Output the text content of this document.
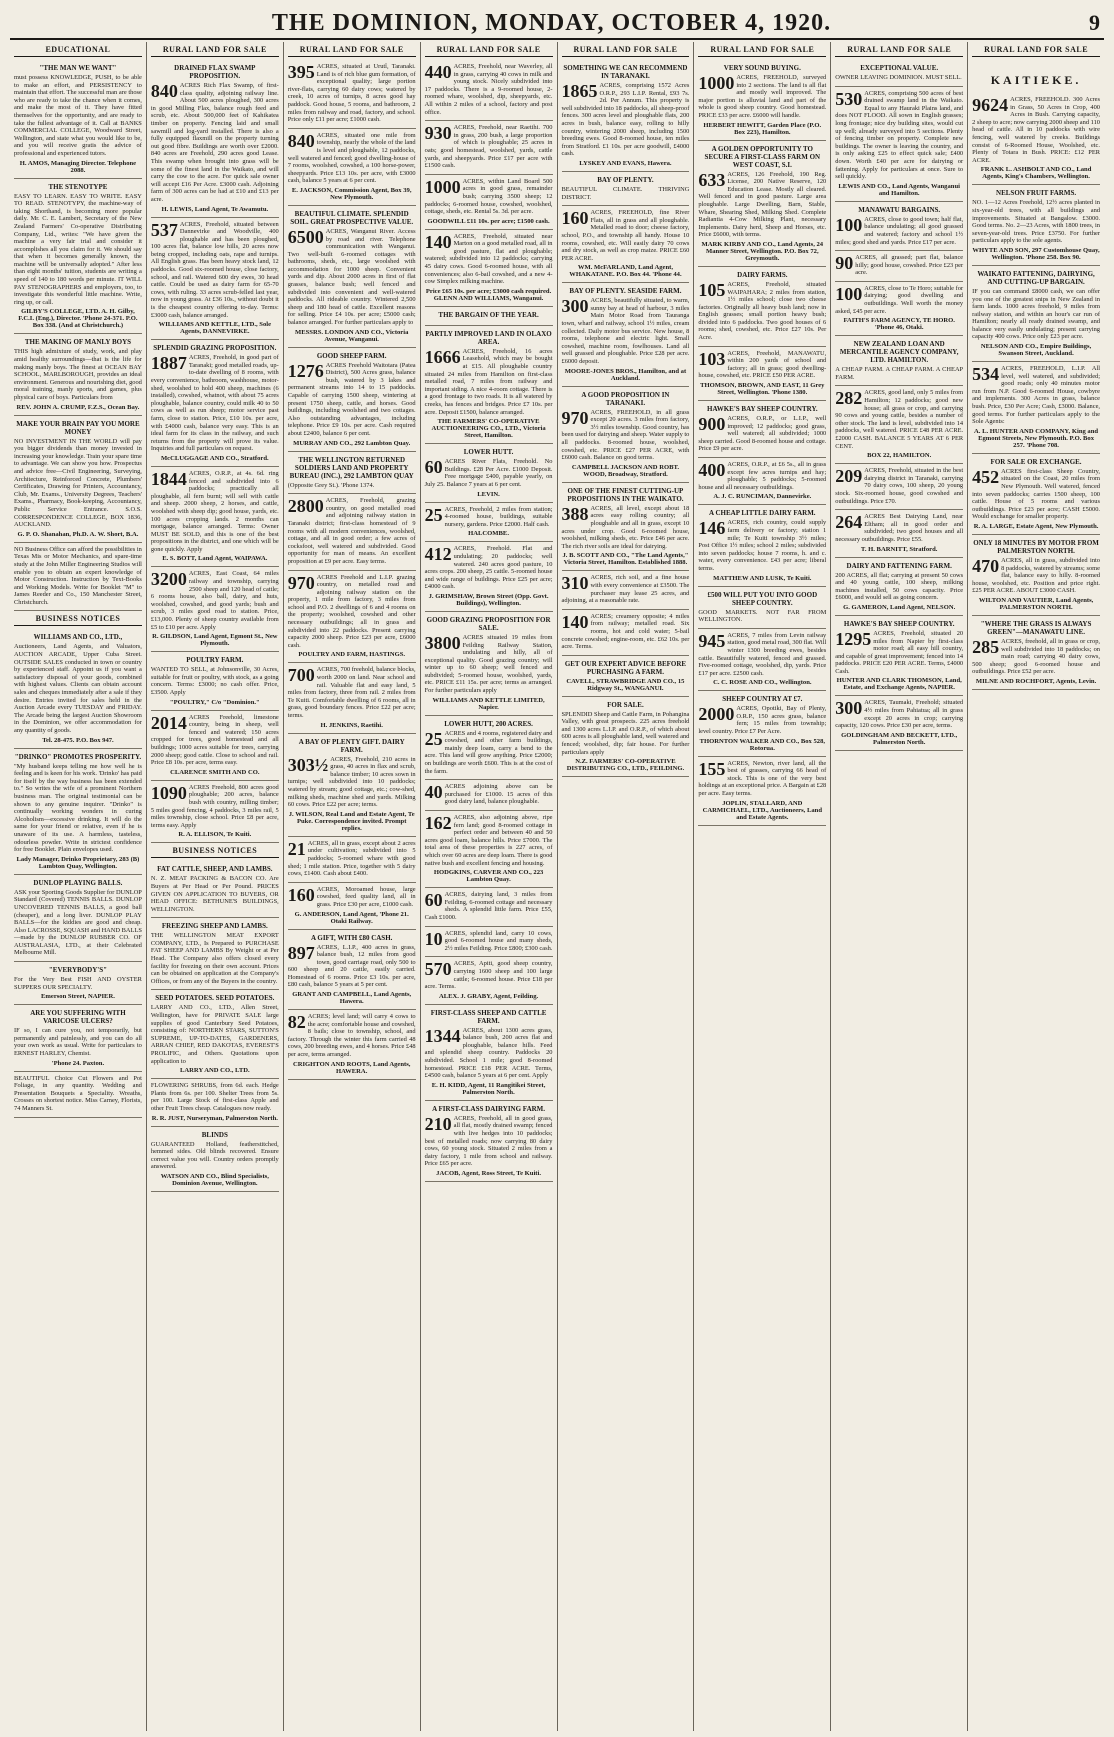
THE DOMINION, MONDAY, OCTOBER 4, 1920.	9
EDUCATIONAL
"THE MAN WE WANT"
must possess KNOWLEDGE, PUSH, to be able to make an effort, and PERSISTENCY to maintain that effort. The successful man are those who are ready to take the chance when it comes, and make the most of it. They have fitted themselves for the opportunity, and are ready to take the fullest advantage of it. Call at BANKS COMMERCIAL COLLEGE, Woodward Street, Wellington, and state what you would like to be, and you will receive gratis the advice of professional and experienced tutors.
H. AMOS, Managing Director. Telephone 2088.
THE STENOTYPE
EASY TO LEARN. EASY TO WRITE. EASY TO READ. STENOTYPY, the machine-way of taking Shorthand, is becoming more popular daily. Mr. C. E. Lambert, Secretary of the New Zealand Farmers' Co-operative Distributing Company, Ltd., writes: "We have given the machine a very fair trial and consider it accomplishes all you claim for it. We should say that when it becomes generally known, the machine will be universally adopted." After less than eight months' tuition, students are writing a speed of 140 to 180 words per minute. IT WILL PAY STENOGRAPHERS and employers, too, to investigate this wonderful little machine. Write, ring up, or call.
GILBY'S COLLEGE, LTD. A. H. Gilby, F.C.I. (Eng.), Director. 'Phone 24-371. P.O. Box 338. (And at Christchurch.)
THE MAKING OF MANLY BOYS
THIS high admixture of study, work, and play amid healthy surroundings—that is the life for making manly boys. The finest at OCEAN BAY SCHOOL, MARLBOROUGH, provides an ideal environment. Generous and nourishing diet, good moral training, manly sports, and games, plus physical care of boys. Particulars from
REV. JOHN A. CRUMP, F.Z.S., Ocean Bay.
MAKE YOUR BRAIN PAY YOU MORE MONEY
NO INVESTMENT IN THE WORLD will pay you bigger dividends than money invested in increasing your knowledge. Train your spare time to advantage. We can show you how. Prospectus and advice free—Civil Engineering, Surveying, Architecture, Reinforced Concrete, Plumbers' Certificates, Drawing for Printers, Accountancy, Club, Mr. Exams., University Degrees, Teachers' Exams., Pharmacy, Book-keeping, Accountancy, Public Service Entrance. S.O.S. CORRESPONDENCE COLLEGE, BOX 1836, AUCKLAND.
G. P. O. Shanahan, Ph.D. A. W. Short, B.A.
NO Business Office can afford the possibilities in Texas Mis or Motor Mechanics, and spare-time study at the John Miller Engineering Studios will enable you to obtain an expert knowledge of Motor Construction. Instruction by Text-Books and Working Models. Write for Booklet "M" to James Reeder and Co., 150 Manchester Street, Christchurch.
BUSINESS NOTICES
WILLIAMS AND CO., LTD.,
Auctioneers, Land Agents, and Valuators, AUCTION ARCADE, Upper Cuba Street. OUTSIDE SALES conducted in town or country by experienced staff. Appoint us if you want a satisfactory disposal of your goods, combined with highest values. Clients can obtain account sales and cheques immediately after a sale if they desire. Entries invited for sales held in the Auction Arcade every TUESDAY and FRIDAY. The Arcade being the largest Auction Showroom in the Dominion, we offer accommodation for any quantity of goods.
Tel. 28-475. P.O. Box 947.
"DRINKO" PROMOTES PROSPERITY.
"My husband keeps telling me how well he is feeling and is keen for his work. 'Drinko' has paid for itself by the way business has been extended to." So writes the wife of a prominent Northern business man. The original testimonial can be shown to any genuine inquirer. "Drinko" is continually working wonders in curing Alcoholism—excessive drinking. It will do the same for your friend or relative, even if he is unaware of its use. A harmless, tasteless, odourless powder. Write in strictest confidence for free Booklet. Plain envelopes used.
Lady Manager, Drinko Proprietary, 283 (B) Lambton Quay, Wellington.
DUNLOP PLAYING BALLS.
ASK your Sporting Goods Supplier for DUNLOP Standard (Covered) TENNIS BALLS. DUNLOP UNCOVERED TENNIS BALLS, a good ball (cheaper), and a long liver. DUNLOP PLAY BALLS—for the kiddies are good and cheap. Also LACROSSE, SQUASH and HAND BALLS—made by the DUNLOP RUBBER CO. OF AUSTRALASIA, LTD., at their Celebrated Melbourne Mill.
"EVERYBODY'S"
For the Very Best FISH AND OYSTER SUPPERS OUR SPECIALTY.
Emerson Street, NAPIER.
ARE YOU SUFFERING WITH VARICOSE ULCERS?
IF so, I can cure you, not temporarily, but permanently and painlessly, and you can do all your own work as usual. Write for particulars to ERNEST HARLEY, Chemist.
'Phone 24. Paxton.
BEAUTIFUL Choice Cut Flowers and Pot Foliage, in any quantity. Wedding and Presentation Bouquets a Speciality. Wreaths, Crosses on shortest notice. Miss Carney, Florists, 74 Manners St.
RURAL LAND FOR SALE
DRAINED FLAX SWAMP PROPOSITION.
840 ACRES Rich Flax Swamp, of first-class quality, adjoining railway line. About 500 acres ploughed, 300 acres in good Milling Flax, balance rough feed and scrub, etc. About 500,000 feet of Kahikatea timber on property. Fencing laid and small sawmill and log-yard installed. There is also a fully equipped flaxmill on the property turning out good fibre. Buildings are worth over £2000. 840 acres are Freehold, 290 acres good Lease. This swamp when brought into grass will be some of the finest land in the Waikato, and will carry the cow to the acre. For quick sale owner will accept £16 Per Acre. £3000 cash. Adjoining farm of 300 acres can be had at £10 and £13 per acre.
H. LEWIS, Land Agent, Te Awamutu.
537 ACRES, Freehold, situated between Dannevirke and Woodville, 400 ploughable and has been ploughed, 100 acres flat, balance low hills, 20 acres now being cropped, including oats, rape and turnips. All English grass. Has been heavy stock land, 12 paddocks. Good six-roomed house, close factory, school, and rail. Watered 600 dry ewes, 30 head cattle. Could be used as dairy farm for 65-70 cows, with ruling. 33 acres scrub-felled last year, now in young grass. At £36 10s., without doubt it is the cheapest country offering to-day. Terms: £3000 cash, balance arranged.
WILLIAMS AND KETTLE, LTD., Sole Agents, DANNEVIRKE.
SPLENDID GRAZING PROPOSITION.
1887 ACRES, Freehold, in good part of Taranaki; good metalled roads, up-to-date dwelling of 8 rooms, with every convenience, bathroom, washhouse, motor-shed, woolshed to hold 400 sheep, machines (6 installed), cowshed, whatnot, with about 75 acres ploughable, balance country, could milk 40 to 50 cows as well as run sheep; motor service past farm, close to station. Price, £10 10s. per acre, with £4000 cash, balance very easy. This is an ideal farm for its class in the railway, and such returns from the property will prove its value. Inquiries and full particulars on request.
McCLUGGAGE AND CO., Stratford.
1844 ACRES, O.R.P., at 4s. 6d. ring fenced and subdivided into 6 paddocks; practically all ploughable, all fern burnt; will sell with cattle and sheep. 2000 sheep, 2 horses, and cattle, woolshed with sheep dip; good house, yards, etc. 100 acres cropping lands. 2 months can mortgage, balance arranged. Terms: Owner MUST BE SOLD, and this is one of the best propositions in the district, and one which will be gone quickly. Apply
E. S. BOTT, Land Agent, WAIPAWA.
3200 ACRES, East Coast, 64 miles railway and township, carrying 2500 sheep and 120 head of cattle; 6 rooms house, also ball, dairy, and huts, woolshed, cowshed, and good yards; bush and scrub, 3 miles good road to station. Price, £13,000. Plenty of sheep country available from £5 to £10 per acre. Apply
R. GILDSON, Land Agent, Egmont St., New Plymouth.
POULTRY FARM.
WANTED TO SELL, at Johnsonville, 30 Acres, suitable for fruit or poultry, with stock, as a going concern. Terms: £3000; no cash offer. Price, £3500. Apply
"POULTRY," C/o "Dominion."
2014 ACRES Freehold, limestone country, being in sheep, well fenced and watered; 150 acres cropped for trees, good homestead and all buildings; 1000 acres suitable for trees, carrying 2000 sheep; good cattle. Close to school and rail. Price £8 10s. per acre, terms easy.
CLARENCE SMITH AND CO.
1090 ACRES Freehold, 800 acres good ploughable; 200 acres, balance bush with country, milling timber; 5 miles good fencing, 4 paddocks, 3 miles rail, 5 miles township, close school. Price £8 per acre, terms easy. Apply
R. A. ELLISON, Te Kuiti.
BUSINESS NOTICES
FAT CATTLE, SHEEP, AND LAMBS.
N. Z. MEAT PACKING & BACON CO. Are Buyers at Per Head or Per Pound. PRICES GIVEN ON APPLICATION TO BUYERS, OR HEAD OFFICE: BETHUNE'S BUILDINGS, WELLINGTON.
FREEZING SHEEP AND LAMBS.
THE WELLINGTON MEAT EXPORT COMPANY, LTD., Is Prepared to PURCHASE FAT SHEEP AND LAMBS By Weight or at Per Head. The Company also offers closed every facility for freezing on their own account. Prices can be obtained on application at the Company's Offices, or from any of the Buyers in the country.
SEED POTATOES. SEED POTATOES.
LARRY AND CO., LTD., Allen Street, Wellington, have for PRIVATE SALE large supplies of good Canterbury Seed Potatoes, consisting of: NORTHERN STARS, SUTTON'S SUPREME, UP-TO-DATES, GARDENERS, ARRAN CHIEF, RED DAKOTAS, EVEREST'S PROLIFIC, and Others. Quotations upon application to
LARRY AND CO., LTD.
FLOWERING SHRUBS, from 6d. each. Hedge Plants from 6s. per 100. Shelter Trees from 5s. per 100. Large Stock of first-class Apple and other Fruit Trees cheap. Catalogues now ready.
R. R. JUST, Nurseryman, Palmerston North.
BLINDS
GUARANTEED Holland, featherstitched, hemmed sides. Old blinds recovered. Ensure correct value you will. Country orders promptly answered.
WATSON AND CO., Blind Specialists, Dominion Avenue, Wellington.
RURAL LAND FOR SALE
395 ACRES, situated at Urutî, Taranaki. Land is of rich blue gum formation, of exceptional quality; large portion river-flats, carrying 60 dairy cows; watered by creek, 10 acres of turnips, 8 acres good hay paddock. Good house, 5 rooms, and bathroom, 2 miles from railway and road, factory, and school. Price only £11 per acre; £1000 cash.
840 ACRES, situated one mile from township, nearly the whole of the land is level and ploughable, 12 paddocks, well watered and fenced; good dwelling-house of 7 rooms, woolshed, cowshed, a 100 horse-power, sheepyards. Price £13 10s. per acre, with £3000 cash, balance 5 years at 6 per cent.
E. JACKSON, Commission Agent, Box 39, New Plymouth.
BEAUTIFUL CLIMATE. SPLENDID SOIL. GREAT PROSPECTIVE VALUE.
6500 ACRES, Wanganui River. Access by road and river. Telephone communication with Wanganui. Two well-built 6-roomed cottages with bathrooms, sheds, etc., large woolshed with accommodation for 1000 sheep. Convenient yards and dip. About 2000 acres in first of flat grasses, balance bush; well fenced and subdivided into convenient and well-watered paddocks. All rideable country. Wintered 2,500 sheep and 180 head of cattle. Excellent reasons for selling. Price £4 10s. per acre; £5000 cash; balance arranged. For further particulars apply to
MESSRS. LONDON AND CO., Victoria Avenue, Wanganui.
GOOD SHEEP FARM.
1276 ACRES Freehold Waitotara (Patea District), 500 Acres grass, balance bush, watered by 3 lakes and permanent streams into 14 to 15 paddocks. Capable of carrying 1500 sheep, wintering at present 1750 sheep, cattle, and horses. Good buildings, including woolshed and two cottages. Also outstanding advantages, including telephone. Price £9 10s. per acre. Cash required about £2400, balance 6 per cent.
MURRAY AND CO., 292 Lambton Quay.
THE WELLINGTON RETURNED SOLDIERS LAND AND PROPERTY BUREAU (INC.), 292 LAMBTON QUAY
(Opposite Grey St.). 'Phone 1374.
2800 ACRES, Freehold, grazing country, on good metalled road and adjoining railway station in Taranaki district; first-class homestead of 9 rooms with all modern conveniences, woolshed, cottage, and all in good order; a few acres of cocksfoot, well watered and subdivided. Good opportunity for man of means. An excellent proposition at £9 per acre. Easy terms.
970 ACRES Freehold and L.I.P. grazing country, on metalled road and adjoining railway station on the property, 1 mile from factory, 3 miles from school and P.O. 2 dwellings of 6 and 4 rooms on the property; woolshed, cowshed and other necessary outbuildings; all in grass and subdivided into 22 paddocks. Present carrying capacity 2000 sheep. Price £23 per acre, £6000 cash.
POULTRY AND FARM, HASTINGS.
700 ACRES, 700 freehold, balance blocks, worth 2000 on land. Near school and rail. Valuable flat and easy land, 5 miles from factory, three from rail. 2 miles from Te Kuiti. Comfortable dwelling of 6 rooms, all in grass, good boundary fences. Price £22 per acre; terms.
H. JENKINS, Raetihi.
A BAY OF PLENTY GIFT. DAIRY FARM.
303½ ACRES, Freehold, 210 acres in grass, 40 acres in flax and scrub, balance timber; 10 acres sown in turnips; well subdivided into 10 paddocks; watered by stream; good cottage, etc.; cow-shed, milking sheds, machine shed and yards. Milking 60 cows. Price £22 per acre; terms.
J. WILSON, Real Land and Estate Agent, Te Puke. Correspondence invited. Prompt replies.
21 ACRES, all in grass, except about 2 acres under cultivation; subdivided into 5 paddocks; 5-roomed whare with good shed; 1 mile station. Price, together with 5 dairy cows, £1400. Cash about £400.
160 ACRES, Moroamed house, large cowshed, feed quality land, all in grass. Price £30 per acre, £1000 cash.
G. ANDERSON, Land Agent, 'Phone 21. Otaki Railway.
A GIFT, WITH £80 CASH.
897 ACRES, L.I.P., 400 acres in grass, balance bush, 12 miles from good town, good carriage road, only 500 to 600 sheep and 20 cattle, easily carried. Homestead of 6 rooms. Price £3 10s. per acre, £80 cash, balance 5 years at 5 per cent.
GRANT AND CAMPBELL, Land Agents, Hawera.
82 ACRES; level land; will carry 4 cows to the acre; comfortable house and cowshed, 8 bails; close to township, school, and factory. Through the winter this farm carried 48 cows, 200 breeding ewes, and 4 horses. Price £48 per acre, terms arranged.
CRIGHTON AND ROOTS, Land Agents, HAWERA.
RURAL LAND FOR SALE
440 ACRES, Freehold, near Waverley, all in grass, carrying 40 cows in milk and young stock. Nicely subdivided into 17 paddocks. There is a 9-roomed house, 2-roomed whare, woolshed, dip, sheepyards, etc. All within 2 miles of a school, factory and post office.
930 ACRES, Freehold, near Raetihi. 700 in grass, 200 bush, a large proportion of which is ploughable; 25 acres in oats; good homestead, woolshed, yards, cattle yards, and sheepyards. Price £17 per acre with £1500 cash.
1000 ACRES, within Land Board 500 acres in good grass, remainder bush; carrying 3500 sheep; 12 paddocks; 6-roomed house, cowshed, woolshed, cottage, sheds, etc. Rental 5s. 3d. per acre.
GOODWILL £11 10s. per acre; £1500 cash.
140 ACRES, Freehold, situated near Marton on a good metalled road, all in good pasture, flat and ploughable; watered; subdivided into 12 paddocks; carrying 45 dairy cows. Good 6-roomed house, with all conveniences; also 6-bail cowshed, and a new 4-cow Simplex milking machine.
Price £65 10s. per acre; £3000 cash required. GLENN AND WILLIAMS, Wanganui.
THE BARGAIN OF THE YEAR.
PARTLY IMPROVED LAND IN OLAXO AREA.
1666 ACRES, Freehold, 16 acres Leasehold, which may be bought at £15. All ploughable country situated 24 miles from Hamilton on first-class metalled road, 7 miles from railway and important siding. A nice 4-room cottage. There is a good frontage to two roads. It is all watered by creeks, has fences and bridges. Price £7 10s. per acre. Deposit £1500, balance arranged.
THE FARMERS' CO-OPERATIVE AUCTIONEERING CO., LTD., Victoria Street, Hamilton.
LOWER HUTT.
60 ACRES River Flats, Freehold. No Buildings. £28 Per Acre. £1000 Deposit. Free mortgage £400, payable yearly, on July 25. Balance 7 years at 6 per cent.
LEVIN.
25 ACRES, Freehold, 2 miles from station; 4-roomed house, buildings, suitable nursery, gardens. Price £2000. Half cash.
HALCOMBE.
412 ACRES, Freehold. Flat and undulating; 20 paddocks; well watered. 240 acres good pasture, 10 acres crops. 200 sheep, 25 cattle. 5-roomed house and wide range of buildings. Price £25 per acre; £4000 cash.
J. GRIMSHAW, Brown Street (Opp. Govt. Buildings), Wellington.
GOOD GRAZING PROPOSITION FOR SALE.
3800 ACRES situated 19 miles from Feilding Railway Station, undulating and hilly, all of exceptional quality. Good grazing country; will winter up to 60 sheep; well fenced and subdivided; 5-roomed house, woolshed, yards, etc. PRICE £11 15s. per acre; terms as arranged. For further particulars apply
WILLIAMS AND KETTLE LIMITED, Napier.
LOWER HUTT, 200 ACRES.
25 ACRES and 4 rooms, registered dairy and cowshed, and other farm buildings, mainly deep loam, carry a bend to the acre. This land will grow anything. Price £2000; on buildings are worth £600. This is at the cost of the farm.
40 ACRES adjoining above can be purchased for £1000. 15 acres of this good dairy land, balance ploughable.
162 ACRES, also adjoining above, ripe fern land; good 8-roomed cottage in perfect order and between 40 and 50 acres good loam, balance hills. Price £7000. The total area of these properties is 227 acres, of which over 60 acres are deep loam. There is good native bush and excellent fencing and housing.
HODGKINS, CARVER AND CO., 223 Lambton Quay.
60 ACRES, dairying land, 3 miles from Feilding, 6-roomed cottage and necessary sheds. A splendid little farm. Price £55, Cash £1000.
10 ACRES, splendid land, carry 10 cows, good 6-roomed house and many sheds, 2½ miles Feilding. Price £800; £300 cash.
570 ACRES, Apiti, good sheep country, carrying 1600 sheep and 100 large cattle; 6-roomed house. Price £18 per acre. Terms.
ALEX. J. GRABY, Agent, Feilding.
FIRST-CLASS SHEEP AND CATTLE FARM.
1344 ACRES, about 1300 acres grass, balance bush, 200 acres flat and ploughable, balance hills. Feed and splendid sheep country. Paddocks 20 subdivided. School 1 mile; good 8-roomed homestead. PRICE £18 PER ACRE. Terms, £4500 cash, balance 5 years at 6 per cent. Apply
E. H. KIDD, Agent, 11 Rangitikei Street, Palmerston North.
A FIRST-CLASS DAIRYING FARM.
210 ACRES, Freehold, all in good grass, all flat, mostly drained swamp; fenced with live hedges into 10 paddocks; best of metalled roads; now carrying 80 dairy cows, 60 young stock. Situated 2 miles from a dairy factory, 1 mile from school and railway. Price £65 per acre.
JACOB, Agent, Ross Street, Te Kuiti.
RURAL LAND FOR SALE
SOMETHING WE CAN RECOMMEND IN TARANAKI.
1865 ACRES, comprising 1572 Acres O.R.P., 293 L.I.P. Rental, £93 7s. 2d. Per Annum. This property is well subdivided into 18 paddocks, all sheep-proof fences. 300 acres level and ploughable flats, 200 acres in bush, balance easy, rolling to hilly country, wintering 2000 sheep, including 1500 breeding ewes. Good 8-roomed house, ten miles from Stratford. £1 10s. per acre goodwill, £4000 cash.
LYSKEY AND EVANS, Hawera.
BAY OF PLENTY.
BEAUTIFUL CLIMATE. THRIVING DISTRICT.
160 ACRES, FREEHOLD, fine River Flats, all in grass and all ploughable. Metalled road to door; cheese factory, school, P.O., and township all handy. House 10 rooms, cowshed, etc. Will easily dairy 70 cows and dry stock, as well as crop maize. PRICE £60 PER ACRE.
WM. McFARLAND, Land Agent, WHAKATANE. P.O. Box 44. 'Phone 44.
BAY OF PLENTY. SEASIDE FARM.
300 ACRES, beautifully situated, to warm, sunny bay at head of harbour, 3 miles Main Motor Road from Tauranga town, wharf and railway, school 1½ miles, cream collected. Daily motor bus service. New house, 8 rooms, telephone and electric light. Small cowshed, machine room, fowlhouses. Land all well grassed and ploughable. Price £28 per acre. £6000 deposit.
MOORE-JONES BROS., Hamilton, and at Auckland.
A GOOD PROPOSITION IN TARANAKI.
970 ACRES, FREEHOLD, in all grass except 20 acres. 3 miles from factory, 3½ miles township. Good country, has been used for dairying and sheep. Water supply to all paddocks. 8-roomed house, woolshed, cowshed, etc. PRICE £27 PER ACRE, with £6000 cash. Balance on good terms.
CAMPBELL JACKSON AND ROBT. WOOD, Broadway, Stratford.
ONE OF THE FINEST CUTTING-UP PROPOSITIONS IN THE WAIKATO.
388 ACRES, all level, except about 18 acres easy rolling country; all ploughable and all in grass, except 10 acres under crop. Good 6-roomed house, woolshed, milking sheds, etc. Price £46 per acre. The rich river soils are ideal for dairying.
J. B. SCOTT AND CO., "The Land Agents," Victoria Street, Hamilton. Established 1888.
310 ACRES, rich soil, and a fine house with every convenience at £3500. The purchaser may lease 25 acres, and adjoining, at a reasonable rate.
140 ACRES; creamery opposite; 4 miles from railway; metalled road. Six rooms, hot and cold water; 5-bail concrete cowshed; engine-room, etc. £62 10s. per acre. Terms.
GET OUR EXPERT ADVICE BEFORE PURCHASING A FARM.
CAVELL, STRAWBRIDGE AND CO., 15 Ridgway St., WANGANUI.
FOR SALE.
SPLENDID Sheep and Cattle Farm, in Pohangina Valley, with great prospects. 225 acres freehold and 1300 acres L.I.P. and O.R.P., of which about 600 acres is all ploughable land, well watered and fenced; woolshed, dip; fair house. For further particulars apply
N.Z. FARMERS' CO-OPERATIVE DISTRIBUTING CO., LTD., FEILDING.
RURAL LAND FOR SALE
VERY SOUND BUYING.
1000 ACRES, FREEHOLD, surveyed into 2 sections. The land is all flat and mostly well improved. The major portion is alluvial land and part of the whole is good sheep country. Good homestead. PRICE £33 per acre. £6000 will handle.
HERBERT HEWITT, Garden Place (P.O. Box 223), Hamilton.
A GOLDEN OPPORTUNITY TO SECURE A FIRST-CLASS FARM ON WEST COAST, S.I.
633 ACRES, 126 Freehold, 190 Reg. License, 200 Native Reserve, 120 Education Lease. Mostly all cleared. Well fenced and in good pasture. Large area ploughable. Large Dwelling, Barn, Stable, Whare, Shearing Shed, Milking Shed. Complete Radiantia 4-Cow Milking Plant, necessary Implements. Dairy herd, Sheep and Horses, etc. Price £6000, with terms.
MARK KIRBY AND CO., Land Agents, 24 Manner Street, Wellington. P.O. Box 72, Greymouth.
DAIRY FARMS.
105 ACRES, Freehold, situated WAIPAHARA; 2 miles from station, 1½ miles school; close two cheese factories. Originally all heavy bush land; now in English grasses; small portion heavy bush; divided into 6 paddocks. Two good houses of 6 rooms; shed, cowshed, etc. Price £27 10s. Per Acre.
103 ACRES, Freehold, MANAWATU, within 200 yards of school and factory; all in grass; good dwelling-house, cowshed, etc. PRICE £50 PER ACRE.
THOMSON, BROWN, AND EAST, 11 Grey Street, Wellington. 'Phone 1380.
HAWKE'S BAY SHEEP COUNTRY.
900 ACRES, O.R.P., or L.I.P., well improved; 12 paddocks; good grass, well watered; all subdivided; 1000 sheep carried. Good 8-roomed house and cottage. Price £9 per acre.
400 ACRES, O.R.P., at £6 5s., all in grass except few acres turnips and hay; ploughable; 5 paddocks; 5-roomed house and all necessary outbuildings.
A. J. C. RUNCIMAN, Dannevirke.
A CHEAP LITTLE DAIRY FARM.
146 ACRES, rich country, could supply farm delivery or factory; station 1 mile; Te Kuiti township 3½ miles; Post Office 1½ miles; school 2 miles; subdivided into seven paddocks; house 7 rooms, h. and c. water, every convenience. £43 per acre; liberal terms.
MATTHEW AND LUSK, Te Kuiti.
£500 WILL PUT YOU INTO GOOD SHEEP COUNTRY.
GOOD MARKETS. NOT FAR FROM WELLINGTON.
945 ACRES, 7 miles from Levin railway station, good metal road, 300 flat. Will winter 1300 breeding ewes, besides cattle. Beautifully watered, fenced and grassed. Five-roomed cottage, woolshed, dip, yards. Price £17 per acre. £2500 cash.
C. C. ROSE AND CO., Wellington.
SHEEP COUNTRY AT £7.
2000 ACRES, Opotiki, Bay of Plenty, O.R.P., 150 acres grass, balance fern; 15 miles from township; level country. Price £7 Per Acre.
THORNTON WALKER AND CO., Box 528, Rotorua.
155 ACRES, Newton, river land, all the best of grasses, carrying 66 head of stock. This is one of the very best holdings at an exceptional price. A Bargain at £28 per acre. Easy terms.
JOPLIN, STALLARD, AND CARMICHAEL, LTD., Auctioneers, Land and Estate Agents.
RURAL LAND FOR SALE
EXCEPTIONAL VALUE.
OWNER LEAVING DOMINION. MUST SELL.
530 ACRES, comprising 500 acres of best drained swamp land in the Waikato. Equal to any Hauraki Plains land, and does NOT FLOOD. All sown in English grasses; long frontage; nice dry building sites, would cut up well; already surveyed into 5 sections. Plenty of fencing timber on property. Complete new buildings. The owner is leaving the country, and is only asking £25 to effect quick sale; £400 down. Worth £40 per acre for dairying or fattening. Apply for particulars at once. Sure to sell quickly.
LEWIS AND CO., Land Agents, Wanganui and Hamilton.
MANAWATU BARGAINS.
100 ACRES, close to good town; half flat, balance undulating; all good grassed and watered; factory and school 1½ miles; good shed and yards. Price £17 per acre.
90 ACRES, all grassed; part flat, balance hilly; good house, cowshed. Price £23 per acre.
100 ACRES, close to Te Horo; suitable for dairying; good dwelling and outbuildings. Well worth the money asked, £45 per acre.
FAITH'S FARM AGENCY, TE HORO. 'Phone 46, Otaki.
NEW ZEALAND LOAN AND MERCANTILE AGENCY COMPANY, LTD. HAMILTON.
A CHEAP FARM. A CHEAP FARM. A CHEAP FARM.
282 ACRES, good land, only 5 miles from Hamilton; 12 paddocks; good new house; all grass or crop, and carrying 90 cows and young cattle, besides a number of other stock. The land is level, subdivided into 14 paddocks, well watered. PRICE £48 PER ACRE. £2000 CASH. BALANCE 5 YEARS AT 6 PER CENT.
BOX 22, HAMILTON.
209 ACRES, Freehold, situated in the best dairying district in Taranaki, carrying 70 dairy cows, 100 sheep, 20 young stock. Six-roomed house, good cowshed and outbuildings. Price £70.
264 ACRES Best Dairying Land, near Eltham; all in good order and subdivided; two good houses and all necessary outbuildings. Price £55.
T. H. BARNITT, Stratford.
DAIRY AND FATTENING FARM.
200 ACRES, all flat; carrying at present 50 cows and 40 young cattle, 100 sheep, milking machines installed, 50 cows capacity. Price £6000, and would sell as going concern.
G. GAMERON, Land Agent, NELSON.
HAWKE'S BAY SHEEP COUNTRY.
1295 ACRES, Freehold, situated 20 miles from Napier by first-class motor road; all easy hill country, and capable of great improvement; fenced into 14 paddocks. PRICE £20 PER ACRE. Terms, £4000 Cash.
HUNTER AND CLARK THOMSON, Land, Estate, and Exchange Agents, NAPIER.
300 ACRES, Taumaki, Freehold; situated 4½ miles from Pahiatua; all in grass except 20 acres in crop; carrying capacity, 120 cows. Price £30 per acre, terms.
GOLDINGHAM AND BECKETT, LTD., Palmerston North.
RURAL LAND FOR SALE
KAITIEKE.
9624 ACRES, FREEHOLD. 300 Acres in Grass, 50 Acres in Crop, 400 Acres in Bush. Carrying capacity, 2 sheep to acre; now carrying 2000 sheep and 110 head of cattle. All in 10 paddocks with wire fencing, well watered by creeks. Buildings consist of 6-Roomed House, Woolshed, etc. Plenty of Totara in Bush. PRICE: £12 PER ACRE.
FRANK L. ASHBOLT AND CO., Land Agents, King's Chambers, Wellington.
NELSON FRUIT FARMS.
NO. 1—12 Acres Freehold, 12½ acres planted in six-year-old trees, with all buildings and improvements. Situated at Bangalow. £3000. Good terms. No. 2—23 Acres, with 1800 trees, in seven-year-old trees. Price £3750. For further particulars apply to the sole agents.
WHYTE AND SON, 297 Customhouse Quay, Wellington. 'Phone 258. Box 90.
WAIKATO FATTENING, DAIRYING, AND CUTTING-UP BARGAIN.
IF you can command £8000 cash, we can offer you one of the greatest snips in New Zealand in farm lands. 1000 acres freehold, 9 miles from railway station, and within an hour's car run of Hamilton; nearly all ready drained swamp, and balance very easily undulating; present carrying capacity 400 cows. Price only £23 per acre.
NELSON AND CO., Empire Buildings, Swanson Street, Auckland.
534 ACRES, FREEHOLD, L.I.P. All level, well watered, and subdivided; good roads; only 40 minutes motor run from N.P. Good 6-roomed House, cowbyre and implements. 300 Acres in grass, balance bush. Price, £30 Per Acre; Cash, £3000. Balance, good terms. For further particulars apply to the Sole Agents:
A. L. HUNTER AND COMPANY, King and Egmont Streets, New Plymouth. P.O. Box 257. 'Phone 708.
FOR SALE OR EXCHANGE.
452 ACRES first-class Sheep Country, situated on the Coast, 20 miles from New Plymouth. Well watered, fenced into seven paddocks; carries 1500 sheep, 100 cattle. House of 5 rooms and various outbuildings. Price £23 per acre; CASH £5000. Would exchange for smaller property.
R. A. LARGE, Estate Agent, New Plymouth.
ONLY 18 MINUTES BY MOTOR FROM PALMERSTON NORTH.
470 ACRES, all in grass, subdivided into 8 paddocks, watered by streams; some flat, balance easy to hilly. 8-roomed house, woolshed, etc. Position and price right. £25 PER ACRE. ABOUT £3000 CASH.
WILTON AND VAUTIER, Land Agents, PALMERSTON NORTH.
"WHERE THE GRASS IS ALWAYS GREEN"—MANAWATU LINE.
285 ACRES, freehold, all in grass or crop, well subdivided into 18 paddocks; on main road; carrying 40 dairy cows, 500 sheep; good 6-roomed house and outbuildings. Price £52 per acre.
MILNE AND ROCHFORT, Agents, Levin.
